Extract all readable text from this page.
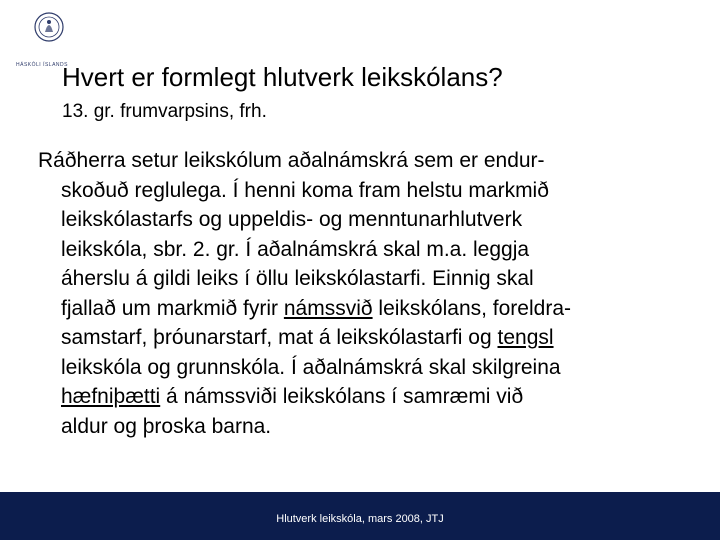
HÁSKÓLI ÍSLANDS
Hvert er formlegt hlutverk leikskólans?
13. gr. frumvarpsins, frh.
Ráðherra setur leikskólum aðalnámskrá sem er endur-
skoðuð reglulega. Í henni koma fram helstu markmið
leikskólastarfs og uppeldis- og menntunarhlutverk
leikskóla, sbr. 2. gr. Í aðalnámskrá skal m.a. leggja
áherslu á gildi leiks í öllu leikskólastarfi. Einnig skal
fjallað um markmið fyrir námssvið leikskólans, foreldra-
samstarf, þróunarstarf, mat á leikskólastarfi og tengsl
leikskóla og grunnskóla. Í aðalnámskrá skal skilgreina
hæfniþætti á námssviði leikskólans í samræmi við
aldur og þroska barna.
Hlutverk leikskóla, mars 2008, JTJ
